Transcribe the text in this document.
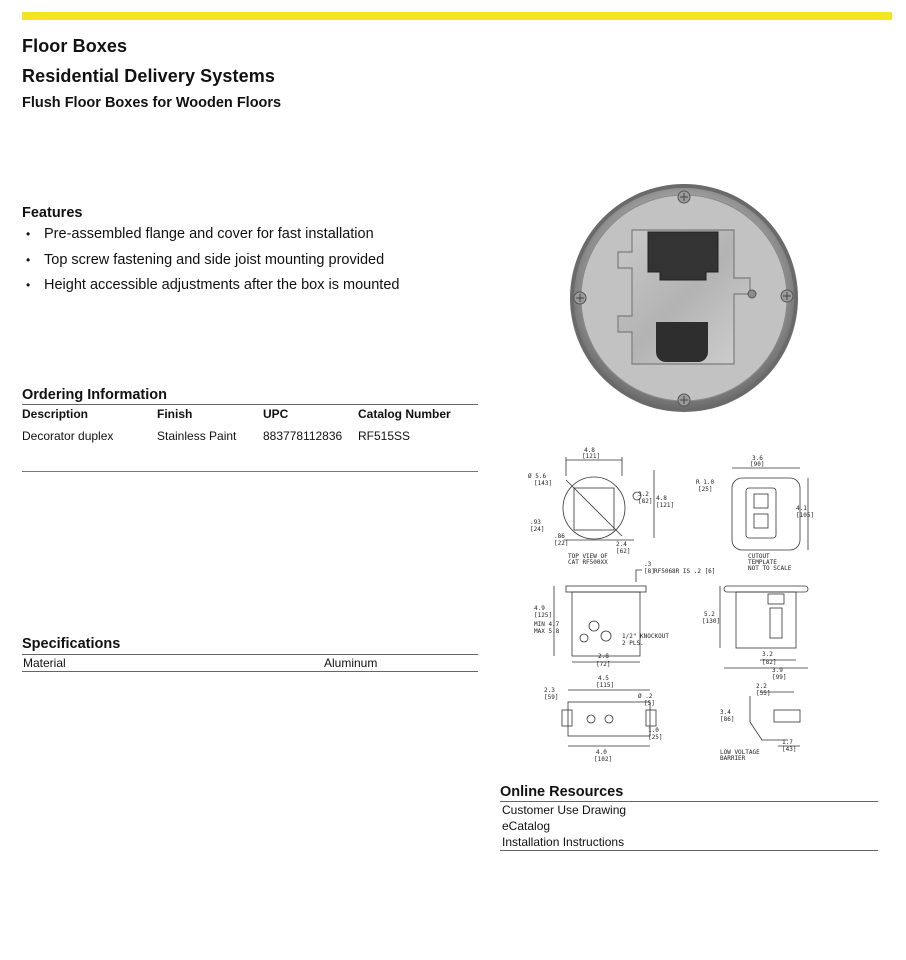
Floor Boxes
Residential Delivery Systems
Flush Floor Boxes for Wooden Floors
Features
• Pre-assembled flange and cover for fast installation
• Top screw fastening and side joist mounting provided
• Height accessible adjustments after the box is mounted
Ordering Information
Description	Finish	UPC	Catalog Number
Decorator duplex	Stainless Paint 883778112836 RF515SS
Specifications
Material	Aluminum
4.8
[121]
Ø 5.6
[143]
3.2
[82] 4.8
[121]
.93
[24]
.86
[22]	2.4
[62]
TOP VIEW OF
CAT RF500XX
3.6
[90]
R 1.0
[25]
4.1
[105]
CUTOUT
TEMPLATE
NOT TO SCALE
.3
[8] RF5068R IS .2 [6]
4.9
[125]
MIN 4.7
MAX 5.8
1/2" KNOCKOUT
2 PLS.
2.8
[72]
5.2
[130]
3.2
[82]
3.9
[99]
4.5
[115]
2.3
[59]	Ø .2
[5]
1.0
[25]
4.0
[102]
2.2
[55]
3.4
[86]
1.7
[43]
LOW VOLTAGE
BARRIER
Online Resources
Customer Use Drawing
eCatalog
Installation Instructions
